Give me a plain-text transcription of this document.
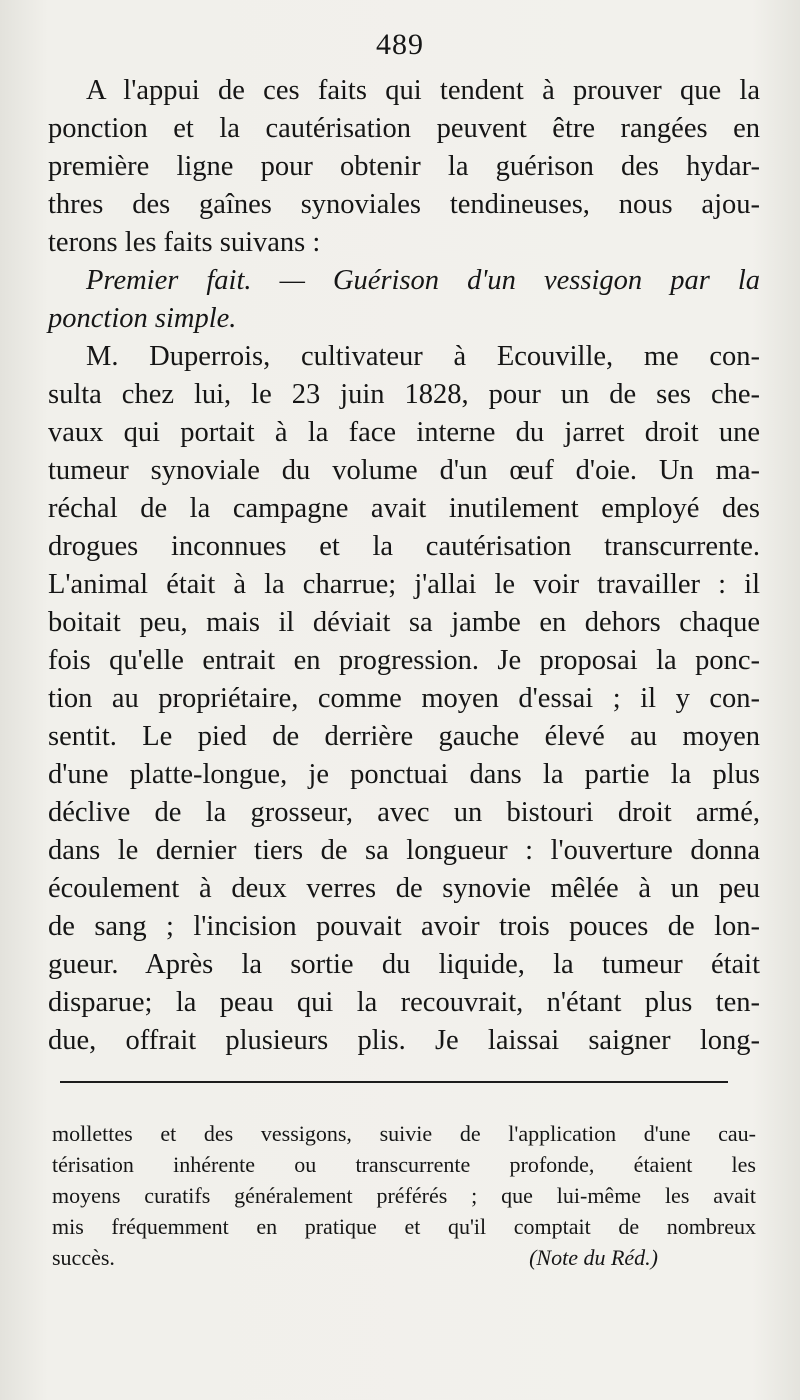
489
A l'appui de ces faits qui tendent à prouver que la
ponction et la cautérisation peuvent être rangées en
première ligne pour obtenir la guérison des hydar-
thres des gaînes synoviales tendineuses, nous ajou-
terons les faits suivans :
Premier fait. — Guérison d'un vessigon par la
ponction simple.
M. Duperrois, cultivateur à Ecouville, me con-
sulta chez lui, le 23 juin 1828, pour un de ses che-
vaux qui portait à la face interne du jarret droit une
tumeur synoviale du volume d'un œuf d'oie. Un ma-
réchal de la campagne avait inutilement employé des
drogues inconnues et la cautérisation transcurrente.
L'animal était à la charrue; j'allai le voir travailler : il
boitait peu, mais il déviait sa jambe en dehors chaque
fois qu'elle entrait en progression. Je proposai la ponc-
tion au propriétaire, comme moyen d'essai ; il y con-
sentit. Le pied de derrière gauche élevé au moyen
d'une platte-longue, je ponctuai dans la partie la plus
déclive de la grosseur, avec un bistouri droit armé,
dans le dernier tiers de sa longueur : l'ouverture donna
écoulement à deux verres de synovie mêlée à un peu
de sang ; l'incision pouvait avoir trois pouces de lon-
gueur. Après la sortie du liquide, la tumeur était
disparue; la peau qui la recouvrait, n'étant plus ten-
due, offrait plusieurs plis. Je laissai saigner long-
mollettes et des vessigons, suivie de l'application d'une cau-
térisation inhérente ou transcurrente profonde, étaient les
moyens curatifs généralement préférés ; que lui-même les avait
mis fréquemment en pratique et qu'il comptait de nombreux
succès.	(Note du Réd.)
